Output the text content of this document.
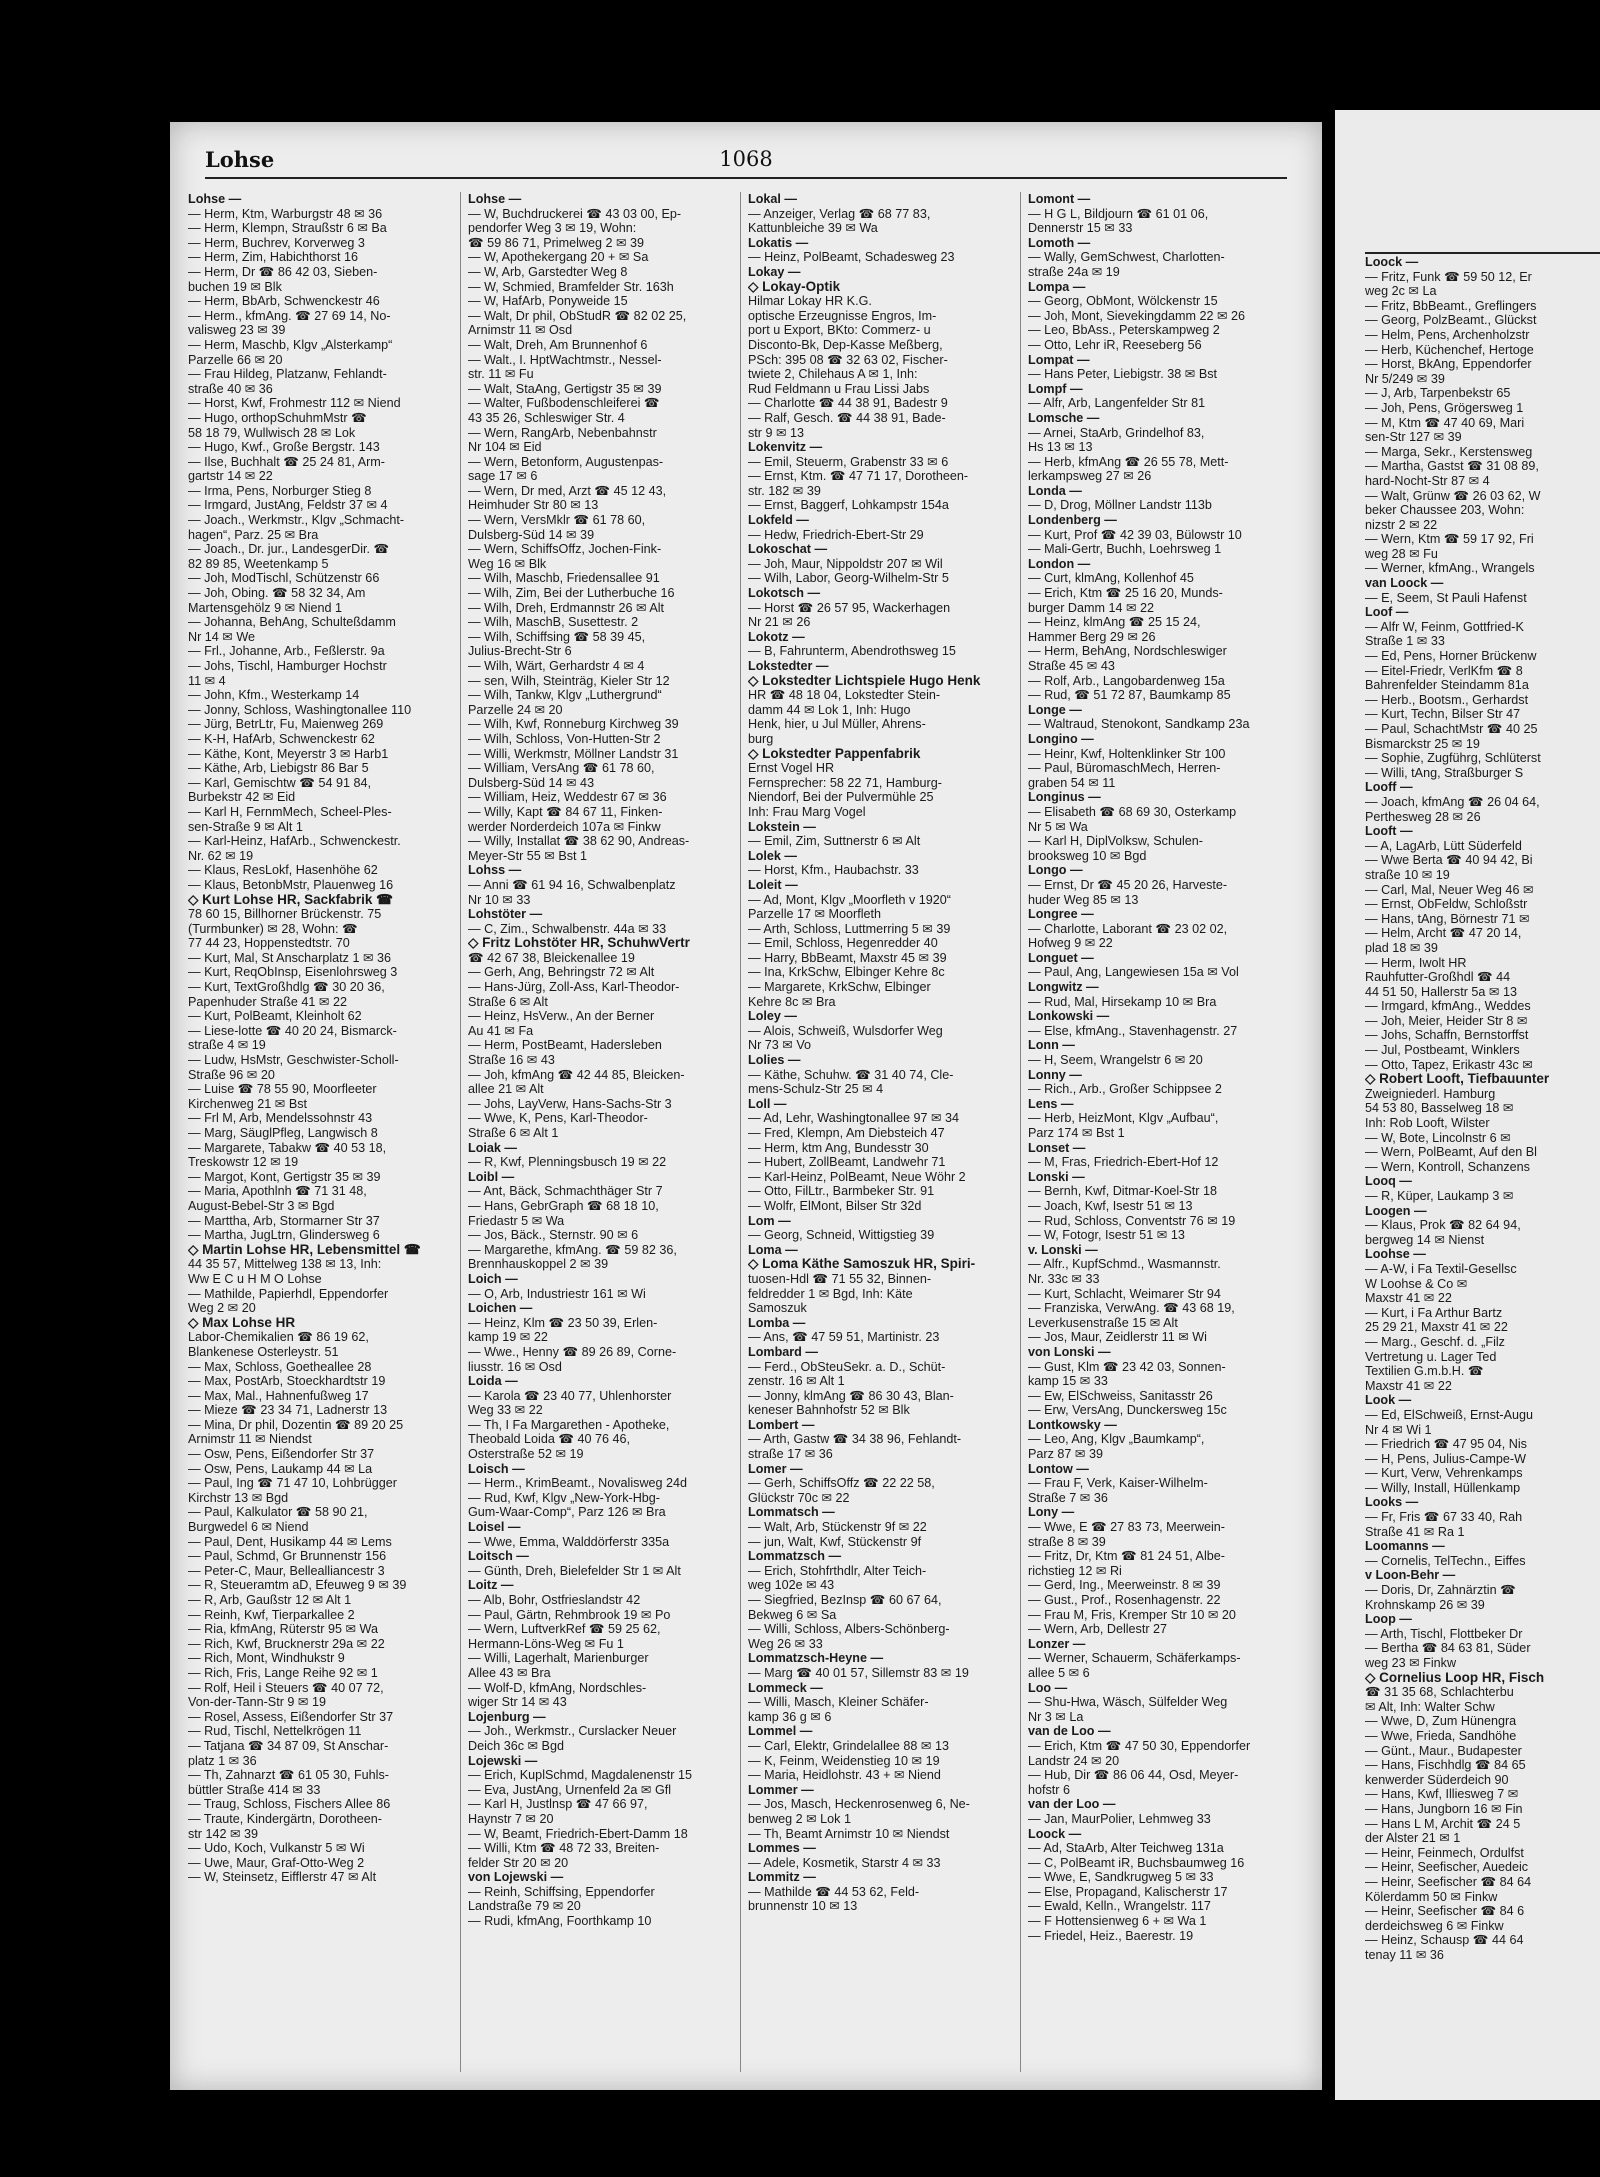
Lohse	1068
Lohse —
— Herm, Ktm, Warburgstr 48 ✉ 36
— Herm, Klempn, Straußstr 6 ✉ Ba
— Herm, Buchrev, Korverweg 3
— Herm, Zim, Habichthorst 16
— Herm, Dr ☎ 86 42 03, Sieben-
buchen 19 ✉ Blk
— Herm, BbArb, Schwenckestr 46
— Herm., kfmAng. ☎ 27 69 14, No-
valisweg 23 ✉ 39
— Herm, Maschb, Klgv „Alsterkamp“
Parzelle 66 ✉ 20
— Frau Hildeg, Platzanw, Fehlandt-
straße 40 ✉ 36
— Horst, Kwf, Frohmestr 112 ✉ Niend
— Hugo, orthopSchuhmMstr ☎
58 18 79, Wullwisch 28 ✉ Lok
— Hugo, Kwf., Große Bergstr. 143
— Ilse, Buchhalt ☎ 25 24 81, Arm-
gartstr 14 ✉ 22
— Irma, Pens, Norburger Stieg 8
— Irmgard, JustAng, Feldstr 37 ✉ 4
— Joach., Werkmstr., Klgv „Schmacht-
hagen“, Parz. 25 ✉ Bra
— Joach., Dr. jur., LandesgerDir. ☎
82 89 85, Weetenkamp 5
— Joh, ModTischl, Schützenstr 66
— Joh, Obing. ☎ 58 32 34, Am
Martensgehölz 9 ✉ Niend 1
— Johanna, BehAng, Schulteßdamm
Nr 14 ✉ We
— Frl., Johanne, Arb., Feßlerstr. 9a
— Johs, Tischl, Hamburger Hochstr
11 ✉ 4
— John, Kfm., Westerkamp 14
— Jonny, Schloss, Washingtonallee 110
— Jürg, BetrLtr, Fu, Maienweg 269
— K-H, HafArb, Schwenckestr 62
— Käthe, Kont, Meyerstr 3 ✉ Harb1
— Käthe, Arb, Liebigstr 86 Bar 5
— Karl, Gemischtw ☎ 54 91 84,
Burbekstr 42 ✉ Eid
— Karl H, FernmMech, Scheel-Ples-
sen-Straße 9 ✉ Alt 1
— Karl-Heinz, HafArb., Schwenckestr.
Nr. 62 ✉ 19
— Klaus, ResLokf, Hasenhöhe 62
— Klaus, BetonbMstr, Plauenweg 16
◇ Kurt Lohse HR, Sackfabrik ☎
78 60 15, Billhorner Brückenstr. 75
(Turmbunker) ✉ 28, Wohn: ☎
77 44 23, Hoppenstedtstr. 70
— Kurt, Mal, St Anscharplatz 1 ✉ 36
— Kurt, ReqObInsp, Eisenlohrsweg 3
— Kurt, TextGroßhdlg ☎ 30 20 36,
Papenhuder Straße 41 ✉ 22
— Kurt, PolBeamt, Kleinholt 62
— Liese-lotte ☎ 40 20 24, Bismarck-
straße 4 ✉ 19
— Ludw, HsMstr, Geschwister-Scholl-
Straße 96 ✉ 20
— Luise ☎ 78 55 90, Moorfleeter
Kirchenweg 21 ✉ Bst
— Frl M, Arb, Mendelssohnstr 43
— Marg, SäuglPfleg, Langwisch 8
— Margarete, Tabakw ☎ 40 53 18,
Treskowstr 12 ✉ 19
— Margot, Kont, Gertigstr 35 ✉ 39
— Maria, Apothlnh ☎ 71 31 48,
August-Bebel-Str 3 ✉ Bgd
— Marttha, Arb, Stormarner Str 37
— Martha, JugLtrn, Glindersweg 6
◇ Martin Lohse HR, Lebensmittel ☎
44 35 57, Mittelweg 138 ✉ 13, Inh:
Ww E C u H M O Lohse
— Mathilde, Papierhdl, Eppendorfer
Weg 2 ✉ 20
◇ Max Lohse HR
Labor-Chemikalien ☎ 86 19 62,
Blankenese Osterleystr. 51
— Max, Schloss, Goetheallee 28
— Max, PostArb, Stoeckhardtstr 19
— Max, Mal., Hahnenfußweg 17
— Mieze ☎ 23 34 71, Ladnerstr 13
— Mina, Dr phil, Dozentin ☎ 89 20 25
Arnimstr 11 ✉ Niendst
— Osw, Pens, Eißendorfer Str 37
— Osw, Pens, Laukamp 44 ✉ La
— Paul, Ing ☎ 71 47 10, Lohbrügger
Kirchstr 13 ✉ Bgd
— Paul, Kalkulator ☎ 58 90 21,
Burgwedel 6 ✉ Niend
— Paul, Dent, Husikamp 44 ✉ Lems
— Paul, Schmd, Gr Brunnenstr 156
— Peter-C, Maur, Bellealliancestr 3
— R, Steueramtm aD, Efeuweg 9 ✉ 39
— R, Arb, Gaußstr 12 ✉ Alt 1
— Reinh, Kwf, Tierparkallee 2
— Ria, kfmAng, Rüterstr 95 ✉ Wa
— Rich, Kwf, Brucknerstr 29a ✉ 22
— Rich, Mont, Windhukstr 9
— Rich, Fris, Lange Reihe 92 ✉ 1
— Rolf, Heil i Steuers ☎ 40 07 72,
Von-der-Tann-Str 9 ✉ 19
— Rosel, Assess, Eißendorfer Str 37
— Rud, Tischl, Nettelkrögen 11
— Tatjana ☎ 34 87 09, St Anschar-
platz 1 ✉ 36
— Th, Zahnarzt ☎ 61 05 30, Fuhls-
büttler Straße 414 ✉ 33
— Traug, Schloss, Fischers Allee 86
— Traute, Kindergärtn, Dorotheen-
str 142 ✉ 39
— Udo, Koch, Vulkanstr 5 ✉ Wi
— Uwe, Maur, Graf-Otto-Weg 2
— W, Steinsetz, Eifflerstr 47 ✉ Alt
Lohse —
— W, Buchdruckerei ☎ 43 03 00, Ep-
pendorfer Weg 3 ✉ 19, Wohn:
☎ 59 86 71, Primelweg 2 ✉ 39
— W, Apothekergang 20 + ✉ Sa
— W, Arb, Garstedter Weg 8
— W, Schmied, Bramfelder Str. 163h
— W, HafArb, Ponyweide 15
— Walt, Dr phil, ObStudR ☎ 82 02 25,
Arnimstr 11 ✉ Osd
— Walt, Dreh, Am Brunnenhof 6
— Walt., I. HptWachtmstr., Nessel-
str. 11 ✉ Fu
— Walt, StaAng, Gertigstr 35 ✉ 39
— Walter, Fußbodenschleiferei ☎
43 35 26, Schleswiger Str. 4
— Wern, RangArb, Nebenbahnstr
Nr 104 ✉ Eid
— Wern, Betonform, Augustenpas-
sage 17 ✉ 6
— Wern, Dr med, Arzt ☎ 45 12 43,
Heimhuder Str 80 ✉ 13
— Wern, VersMklr ☎ 61 78 60,
Dulsberg-Süd 14 ✉ 39
— Wern, SchiffsOffz, Jochen-Fink-
Weg 16 ✉ Blk
— Wilh, Maschb, Friedensallee 91
— Wilh, Zim, Bei der Lutherbuche 16
— Wilh, Dreh, Erdmannstr 26 ✉ Alt
— Wilh, MaschB, Susettestr. 2
— Wilh, Schiffsing ☎ 58 39 45,
Julius-Brecht-Str 6
— Wilh, Wärt, Gerhardstr 4 ✉ 4
— sen, Wilh, Steinträg, Kieler Str 12
— Wilh, Tankw, Klgv „Luthergrund“
Parzelle 24 ✉ 20
— Wilh, Kwf, Ronneburg Kirchweg 39
— Wilh, Schloss, Von-Hutten-Str 2
— Willi, Werkmstr, Möllner Landstr 31
— William, VersAng ☎ 61 78 60,
Dulsberg-Süd 14 ✉ 43
— William, Heiz, Weddestr 67 ✉ 36
— Willy, Kapt ☎ 84 67 11, Finken-
werder Norderdeich 107a ✉ Finkw
— Willy, Installat ☎ 38 62 90, Andreas-
Meyer-Str 55 ✉ Bst 1
Lohss —
— Anni ☎ 61 94 16, Schwalbenplatz
Nr 10 ✉ 33
Lohstöter —
— C, Zim., Schwalbenstr. 44a ✉ 33
◇ Fritz Lohstöter HR, SchuhwVertr
☎ 42 67 38, Bleickenallee 19
— Gerh, Ang, Behringstr 72 ✉ Alt
— Hans-Jürg, Zoll-Ass, Karl-Theodor-
Straße 6 ✉ Alt
— Heinz, HsVerw., An der Berner
Au 41 ✉ Fa
— Herm, PostBeamt, Hadersleben
Straße 16 ✉ 43
— Joh, kfmAng ☎ 42 44 85, Bleicken-
allee 21 ✉ Alt
— Johs, LayVerw, Hans-Sachs-Str 3
— Wwe, K, Pens, Karl-Theodor-
Straße 6 ✉ Alt 1
Loiak —
— R, Kwf, Plenningsbusch 19 ✉ 22
Loibl —
— Ant, Bäck, Schmachthäger Str 7
— Hans, GebrGraph ☎ 68 18 10,
Friedastr 5 ✉ Wa
— Jos, Bäck., Sternstr. 90 ✉ 6
— Margarethe, kfmAng. ☎ 59 82 36,
Brennhauskoppel 2 ✉ 39
Loich —
— O, Arb, Industriestr 161 ✉ Wi
Loichen —
— Heinz, Klm ☎ 23 50 39, Erlen-
kamp 19 ✉ 22
— Wwe., Henny ☎ 89 26 89, Corne-
liusstr. 16 ✉ Osd
Loida —
— Karola ☎ 23 40 77, Uhlenhorster
Weg 33 ✉ 22
— Th, I Fa Margarethen - Apotheke,
Theobald Loida ☎ 40 76 46,
Osterstraße 52 ✉ 19
Loisch —
— Herm., KrimBeamt., Novalisweg 24d
— Rud, Kwf, Klgv „New-York-Hbg-
Gum-Waar-Comp“, Parz 126 ✉ Bra
Loisel —
— Wwe, Emma, Walddörferstr 335a
Loitsch —
— Günth, Dreh, Bielefelder Str 1 ✉ Alt
Loitz —
— Alb, Bohr, Ostfrieslandstr 42
— Paul, Gärtn, Rehmbrook 19 ✉ Po
— Wern, LuftverkRef ☎ 59 25 62,
Hermann-Löns-Weg ✉ Fu 1
— Willi, Lagerhalt, Marienburger
Allee 43 ✉ Bra
— Wolf-D, kfmAng, Nordschles-
wiger Str 14 ✉ 43
Lojenburg —
— Joh., Werkmstr., Curslacker Neuer
Deich 36c ✉ Bgd
Lojewski —
— Erich, KuplSchmd, Magdalenenstr 15
— Eva, JustAng, Urnenfeld 2a ✉ Gfl
— Karl H, Justlnsp ☎ 47 66 97,
Haynstr 7 ✉ 20
— W, Beamt, Friedrich-Ebert-Damm 18
— Willi, Ktm ☎ 48 72 33, Breiten-
felder Str 20 ✉ 20
von Lojewski —
— Reinh, Schiffsing, Eppendorfer
Landstraße 79 ✉ 20
— Rudi, kfmAng, Foorthkamp 10
Lokal —
— Anzeiger, Verlag ☎ 68 77 83,
Kattunbleiche 39 ✉ Wa
Lokatis —
— Heinz, PolBeamt, Schadesweg 23
Lokay —
◇ Lokay-Optik
Hilmar Lokay HR K.G.
optische Erzeugnisse Engros, Im-
port u Export, BKto: Commerz- u
Disconto-Bk, Dep-Kasse Meßberg,
PSch: 395 08 ☎ 32 63 02, Fischer-
twiete 2, Chilehaus A ✉ 1, Inh:
Rud Feldmann u Frau Lissi Jabs
— Charlotte ☎ 44 38 91, Badestr 9
— Ralf, Gesch. ☎ 44 38 91, Bade-
str 9 ✉ 13
Lokenvitz —
— Emil, Steuerm, Grabenstr 33 ✉ 6
— Ernst, Ktm. ☎ 47 71 17, Dorotheen-
str. 182 ✉ 39
— Ernst, Baggerf, Lohkampstr 154a
Lokfeld —
— Hedw, Friedrich-Ebert-Str 29
Lokoschat —
— Joh, Maur, Nippoldstr 207 ✉ Wil
— Wilh, Labor, Georg-Wilhelm-Str 5
Lokotsch —
— Horst ☎ 26 57 95, Wackerhagen
Nr 21 ✉ 26
Lokotz —
— B, Fahrunterm, Abendrothsweg 15
Lokstedter —
◇ Lokstedter Lichtspiele Hugo Henk
HR ☎ 48 18 04, Lokstedter Stein-
damm 44 ✉ Lok 1, Inh: Hugo
Henk, hier, u Jul Müller, Ahrens-
burg
◇ Lokstedter Pappenfabrik
Ernst Vogel HR
Fernsprecher: 58 22 71, Hamburg-
Niendorf, Bei der Pulvermühle 25
Inh: Frau Marg Vogel
Lokstein —
— Emil, Zim, Suttnerstr 6 ✉ Alt
Lolek —
— Horst, Kfm., Haubachstr. 33
Loleit —
— Ad, Mont, Klgv „Moorfleth v 1920“
Parzelle 17 ✉ Moorfleth
— Arth, Schloss, Luttmerring 5 ✉ 39
— Emil, Schloss, Hegenredder 40
— Harry, BbBeamt, Maxstr 45 ✉ 39
— Ina, KrkSchw, Elbinger Kehre 8c
— Margarete, KrkSchw, Elbinger
Kehre 8c ✉ Bra
Loley —
— Alois, Schweiß, Wulsdorfer Weg
Nr 73 ✉ Vo
Lolies —
— Käthe, Schuhw. ☎ 31 40 74, Cle-
mens-Schulz-Str 25 ✉ 4
Loll —
— Ad, Lehr, Washingtonallee 97 ✉ 34
— Fred, Klempn, Am Diebsteich 47
— Herm, ktm Ang, Bundesstr 30
— Hubert, ZollBeamt, Landwehr 71
— Karl-Heinz, PolBeamt, Neue Wöhr 2
— Otto, FilLtr., Barmbeker Str. 91
— Wolfr, ElMont, Bilser Str 32d
Lom —
— Georg, Schneid, Wittigstieg 39
Loma —
◇ Loma Käthe Samoszuk HR, Spiri-
tuosen-Hdl ☎ 71 55 32, Binnen-
feldredder 1 ✉ Bgd, Inh: Käte
Samoszuk
Lomba —
— Ans, ☎ 47 59 51, Martinistr. 23
Lombard —
— Ferd., ObSteuSekr. a. D., Schüt-
zenstr. 16 ✉ Alt 1
— Jonny, klmAng ☎ 86 30 43, Blan-
keneser Bahnhofstr 52 ✉ Blk
Lombert —
— Arth, Gastw ☎ 34 38 96, Fehlandt-
straße 17 ✉ 36
Lomer —
— Gerh, SchiffsOffz ☎ 22 22 58,
Glückstr 70c ✉ 22
Lommatsch —
— Walt, Arb, Stückenstr 9f ✉ 22
— jun, Walt, Kwf, Stückenstr 9f
Lommatzsch —
— Erich, Stohfrthdlr, Alter Teich-
weg 102e ✉ 43
— Siegfried, BezInsp ☎ 60 67 64,
Bekweg 6 ✉ Sa
— Willi, Schloss, Albers-Schönberg-
Weg 26 ✉ 33
Lommatzsch-Heyne —
— Marg ☎ 40 01 57, Sillemstr 83 ✉ 19
Lommeck —
— Willi, Masch, Kleiner Schäfer-
kamp 36 g ✉ 6
Lommel —
— Carl, Elektr, Grindelallee 88 ✉ 13
— K, Feinm, Weidenstieg 10 ✉ 19
— Maria, Heidlohstr. 43 + ✉ Niend
Lommer —
— Jos, Masch, Heckenrosenweg 6, Ne-
benweg 2 ✉ Lok 1
— Th, Beamt Arnimstr 10 ✉ Niendst
Lommes —
— Adele, Kosmetik, Starstr 4 ✉ 33
Lommitz —
— Mathilde ☎ 44 53 62, Feld-
brunnenstr 10 ✉ 13
Lomont —
— H G L, Bildjourn ☎ 61 01 06,
Dennerstr 15 ✉ 33
Lomoth —
— Wally, GemSchwest, Charlotten-
straße 24a ✉ 19
Lompa —
— Georg, ObMont, Wölckenstr 15
— Joh, Mont, Sievekingdamm 22 ✉ 26
— Leo, BbAss., Peterskampweg 2
— Otto, Lehr iR, Reeseberg 56
Lompat —
— Hans Peter, Liebigstr. 38 ✉ Bst
Lompf —
— Alfr, Arb, Langenfelder Str 81
Lomsche —
— Arnei, StaArb, Grindelhof 83,
Hs 13 ✉ 13
— Herb, kfmAng ☎ 26 55 78, Mett-
lerkampsweg 27 ✉ 26
Londa —
— D, Drog, Möllner Landstr 113b
Londenberg —
— Kurt, Prof ☎ 42 39 03, Bülowstr 10
— Mali-Gertr, Buchh, Loehrsweg 1
London —
— Curt, klmAng, Kollenhof 45
— Erich, Ktm ☎ 25 16 20, Munds-
burger Damm 14 ✉ 22
— Heinz, klmAng ☎ 25 15 24,
Hammer Berg 29 ✉ 26
— Herm, BehAng, Nordschleswiger
Straße 45 ✉ 43
— Rolf, Arb., Langobardenweg 15a
— Rud, ☎ 51 72 87, Baumkamp 85
Longe —
— Waltraud, Stenokont, Sandkamp 23a
Longino —
— Heinr, Kwf, Holtenklinker Str 100
— Paul, BüromaschMech, Herren-
graben 54 ✉ 11
Longinus —
— Elisabeth ☎ 68 69 30, Osterkamp
Nr 5 ✉ Wa
— Karl H, DiplVolksw, Schulen-
brooksweg 10 ✉ Bgd
Longo —
— Ernst, Dr ☎ 45 20 26, Harveste-
huder Weg 85 ✉ 13
Longree —
— Charlotte, Laborant ☎ 23 02 02,
Hofweg 9 ✉ 22
Longuet —
— Paul, Ang, Langewiesen 15a ✉ Vol
Longwitz —
— Rud, Mal, Hirsekamp 10 ✉ Bra
Lonkowski —
— Else, kfmAng., Stavenhagenstr. 27
Lonn —
— H, Seem, Wrangelstr 6 ✉ 20
Lonny —
— Rich., Arb., Großer Schippsee 2
Lens —
— Herb, HeizMont, Klgv „Aufbau“,
Parz 174 ✉ Bst 1
Lonset —
— M, Fras, Friedrich-Ebert-Hof 12
Lonski —
— Bernh, Kwf, Ditmar-Koel-Str 18
— Joach, Kwf, Isestr 51 ✉ 13
— Rud, Schloss, Conventstr 76 ✉ 19
— W, Fotogr, Isestr 51 ✉ 13
v. Lonski —
— Alfr., KupfSchmd., Wasmannstr.
Nr. 33c ✉ 33
— Kurt, Schlacht, Weimarer Str 94
— Franziska, VerwAng. ☎ 43 68 19,
Leverkusenstraße 15 ✉ Alt
— Jos, Maur, Zeidlerstr 11 ✉ Wi
von Lonski —
— Gust, Klm ☎ 23 42 03, Sonnen-
kamp 15 ✉ 33
— Ew, ElSchweiss, Sanitasstr 26
— Erw, VersAng, Dunckersweg 15c
Lontkowsky —
— Leo, Ang, Klgv „Baumkamp“,
Parz 87 ✉ 39
Lontow —
— Frau F, Verk, Kaiser-Wilhelm-
Straße 7 ✉ 36
Lony —
— Wwe, E ☎ 27 83 73, Meerwein-
straße 8 ✉ 39
— Fritz, Dr, Ktm ☎ 81 24 51, Albe-
richstieg 12 ✉ Ri
— Gerd, Ing., Meerweinstr. 8 ✉ 39
— Gust., Prof., Rosenhagenstr. 22
— Frau M, Fris, Kremper Str 10 ✉ 20
— Wern, Arb, Dellestr 27
Lonzer —
— Werner, Schauerm, Schäferkamps-
allee 5 ✉ 6
Loo —
— Shu-Hwa, Wäsch, Sülfelder Weg
Nr 3 ✉ La
van de Loo —
— Erich, Ktm ☎ 47 50 30, Eppendorfer
Landstr 24 ✉ 20
— Hub, Dir ☎ 86 06 44, Osd, Meyer-
hofstr 6
van der Loo —
— Jan, MaurPolier, Lehmweg 33
Loock —
— Ad, StaArb, Alter Teichweg 131a
— C, PolBeamt iR, Buchsbaumweg 16
— Wwe, E, Sandkrugweg 5 ✉ 33
— Else, Propagand, Kalischerstr 17
— Ewald, Kelln., Wrangelstr. 117
— F Hottensienweg 6 + ✉ Wa 1
— Friedel, Heiz., Baerestr. 19
Loock —
— Fritz, Funk ☎ 59 50 12, Er
weg 2c ✉ La
— Fritz, BbBeamt., Greflingers
— Georg, PolzBeamt., Glückst
— Helm, Pens, Archenholzstr
— Herb, Küchenchef, Hertoge
— Horst, BkAng, Eppendorfer
Nr 5/249 ✉ 39
— J, Arb, Tarpenbekstr 65
— Joh, Pens, Grögersweg 1
— M, Ktm ☎ 47 40 69, Mari
sen-Str 127 ✉ 39
— Marga, Sekr., Kerstensweg
— Martha, Gastst ☎ 31 08 89,
hard-Nocht-Str 87 ✉ 4
— Walt, Grünw ☎ 26 03 62, W
beker Chaussee 203, Wohn:
nizstr 2 ✉ 22
— Wern, Ktm ☎ 59 17 92, Fri
weg 28 ✉ Fu
— Werner, kfmAng., Wrangels
van Loock —
— E, Seem, St Pauli Hafenst
Loof —
— Alfr W, Feinm, Gottfried-K
Straße 1 ✉ 33
— Ed, Pens, Horner Brückenw
— Eitel-Friedr, VerlKfm ☎ 8
Bahrenfelder Steindamm 81a
— Herb., Bootsm., Gerhardst
— Kurt, Techn, Bilser Str 47
— Paul, SchachtMstr ☎ 40 25
Bismarckstr 25 ✉ 19
— Sophie, Zugführg, Schlüterst
— Willi, tAng, Straßburger S
Looff —
— Joach, kfmAng ☎ 26 04 64,
Perthesweg 28 ✉ 26
Looft —
— A, LagArb, Lütt Süderfeld
— Wwe Berta ☎ 40 94 42, Bi
straße 10 ✉ 19
— Carl, Mal, Neuer Weg 46 ✉
— Ernst, ObFeldw, Schloßstr
— Hans, tAng, Börnestr 71 ✉
— Helm, Archt ☎ 47 20 14,
plad 18 ✉ 39
— Herm, Iwolt HR
Rauhfutter-Großhdl ☎ 44
44 51 50, Hallerstr 5a ✉ 13
— Irmgard, kfmAng., Weddes
— Joh, Meier, Heider Str 8 ✉
— Johs, Schaffn, Bernstorffst
— Jul, Postbeamt, Winklers
— Otto, Tapez, Erikastr 43c ✉
◇ Robert Looft, Tiefbauunter
Zweigniederl. Hamburg
54 53 80, Basselweg 18 ✉
Inh: Rob Looft, Wilster
— W, Bote, Lincolnstr 6 ✉
— Wern, PolBeamt, Auf den Bl
— Wern, Kontroll, Schanzens
Looq —
— R, Küper, Laukamp 3 ✉
Loogen —
— Klaus, Prok ☎ 82 64 94,
bergweg 14 ✉ Nienst
Loohse —
— A-W, i Fa Textil-Gesellsc
W Loohse & Co ✉
Maxstr 41 ✉ 22
— Kurt, i Fa Arthur Bartz
25 29 21, Maxstr 41 ✉ 22
— Marg., Geschf. d. „Filz
Vertretung u. Lager Ted
Textilien G.m.b.H. ☎
Maxstr 41 ✉ 22
Look —
— Ed, ElSchweiß, Ernst-Augu
Nr 4 ✉ Wi 1
— Friedrich ☎ 47 95 04, Nis
— H, Pens, Julius-Campe-W
— Kurt, Verw, Vehrenkamps
— Willy, Install, Hüllenkamp
Looks —
— Fr, Fris ☎ 67 33 40, Rah
Straße 41 ✉ Ra 1
Loomanns —
— Cornelis, TelTechn., Eiffes
v Loon-Behr —
— Doris, Dr, Zahnärztin ☎
Krohnskamp 26 ✉ 39
Loop —
— Arth, Tischl, Flottbeker Dr
— Bertha ☎ 84 63 81, Süder
weg 23 ✉ Finkw
◇ Cornelius Loop HR, Fisch
☎ 31 35 68, Schlachterbu
✉ Alt, Inh: Walter Schw
— Wwe, D, Zum Hünengra
— Wwe, Frieda, Sandhöhe
— Günt., Maur., Budapester
— Hans, Fischhdlg ☎ 84 65
kenwerder Süderdeich 90
— Hans, Kwf, Illiesweg 7 ✉
— Hans, Jungborn 16 ✉ Fin
— Hans L M, Archit ☎ 24 5
der Alster 21 ✉ 1
— Heinr, Feinmech, Ordulfst
— Heinr, Seefischer, Auedeic
— Heinr, Seefischer ☎ 84 64
Kölerdamm 50 ✉ Finkw
— Heinr, Seefischer ☎ 84 6
derdeichsweg 6 ✉ Finkw
— Heinz, Schausp ☎ 44 64
tenay 11 ✉ 36
